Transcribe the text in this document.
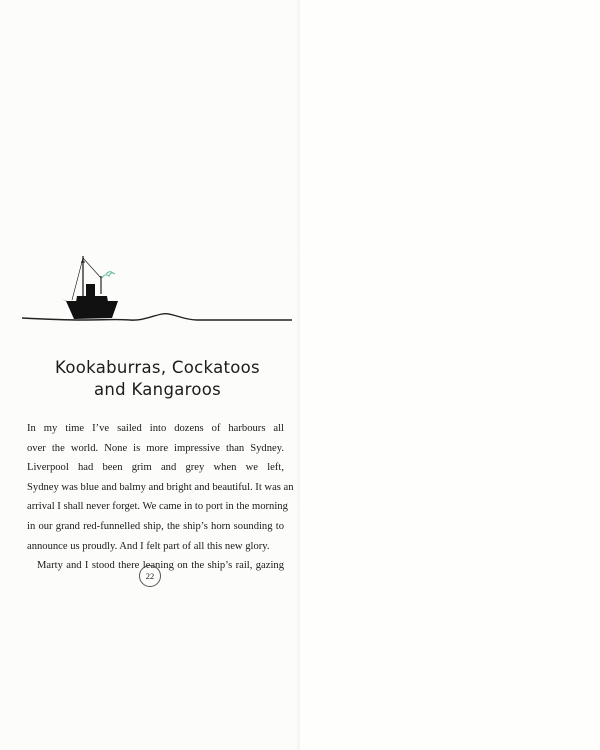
Kookaburras, Cockatoos
and Kangaroos

In my time I’ve sailed into dozens of harbours all
over the world. None is more impressive than Sydney.
Liverpool had been grim and grey when we left,
Sydney was blue and balmy and bright and beautiful. It was an
arrival I shall never forget. We came in to port in the morning
in our grand red-funnelled ship, the ship’s horn sounding to
announce us proudly. And I felt part of all this new glory.

Marty and I stood there leaning on the ship’s rail, gazing

22
